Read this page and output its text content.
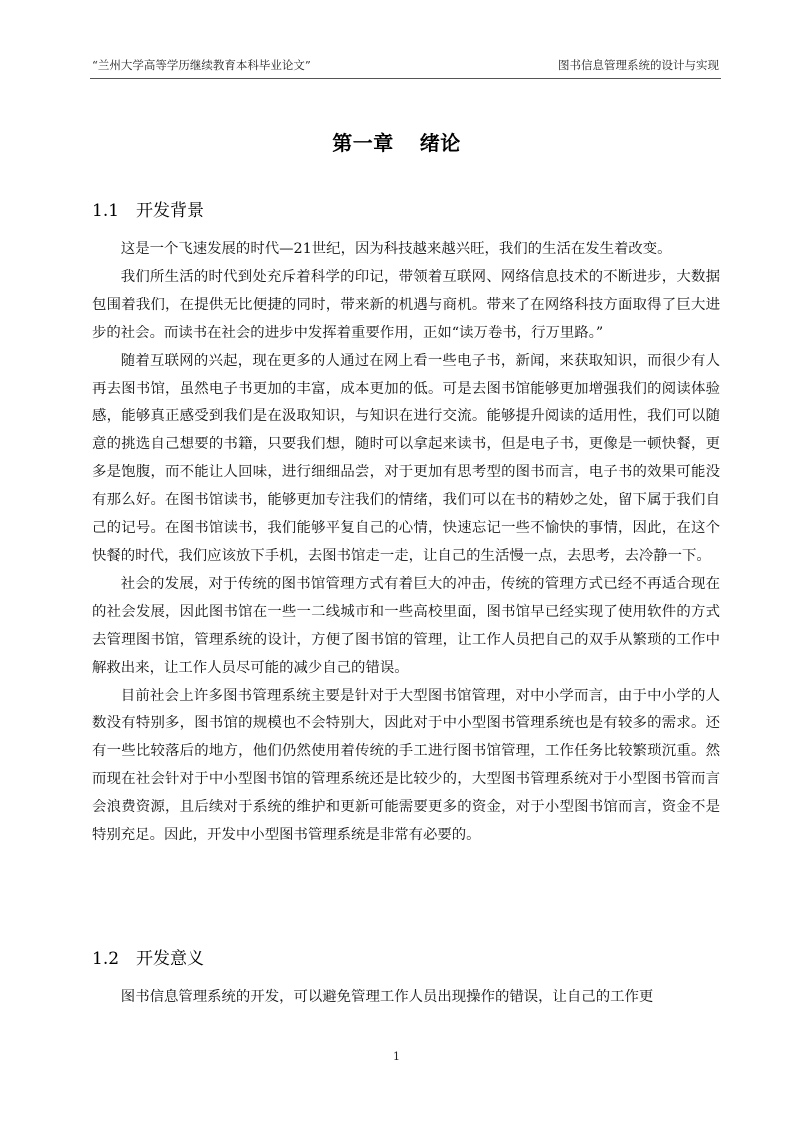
“兰州大学高等学历继续教育本科毕业论文”	图书信息管理系统的设计与实现
第一章 绪论
1.1 开发背景

这是一个飞速发展的时代—21世纪，因为科技越来越兴旺，我们的生活在发生着改变。

我们所生活的时代到处充斥着科学的印记，带领着互联网、网络信息技术的不断进步，大数据包围着我们，在提供无比便捷的同时，带来新的机遇与商机。带来了在网络科技方面取得了巨大进步的社会。而读书在社会的进步中发挥着重要作用，正如“读万卷书，行万里路。”

随着互联网的兴起，现在更多的人通过在网上看一些电子书，新闻，来获取知识，而很少有人再去图书馆，虽然电子书更加的丰富，成本更加的低。可是去图书馆能够更加增强我们的阅读体验感，能够真正感受到我们是在汲取知识，与知识在进行交流。能够提升阅读的适用性，我们可以随意的挑选自己想要的书籍，只要我们想，随时可以拿起来读书，但是电子书，更像是一顿快餐，更多是饱腹，而不能让人回味，进行细细品尝，对于更加有思考型的图书而言，电子书的效果可能没有那么好。在图书馆读书，能够更加专注我们的情绪，我们可以在书的精妙之处，留下属于我们自己的记号。在图书馆读书，我们能够平复自己的心情，快速忘记一些不愉快的事情，因此，在这个快餐的时代，我们应该放下手机，去图书馆走一走，让自己的生活慢一点，去思考，去冷静一下。

社会的发展，对于传统的图书馆管理方式有着巨大的冲击，传统的管理方式已经不再适合现在的社会发展，因此图书馆在一些一二线城市和一些高校里面，图书馆早已经实现了使用软件的方式去管理图书馆，管理系统的设计，方便了图书馆的管理，让工作人员把自己的双手从繁琐的工作中解救出来，让工作人员尽可能的减少自己的错误。

目前社会上许多图书管理系统主要是针对于大型图书馆管理，对中小学而言，由于中小学的人数没有特别多，图书馆的规模也不会特别大，因此对于中小型图书管理系统也是有较多的需求。还有一些比较落后的地方，他们仍然使用着传统的手工进行图书馆管理，工作任务比较繁琐沉重。然而现在社会针对于中小型图书馆的管理系统还是比较少的，大型图书管理系统对于小型图书管而言会浪费资源，且后续对于系统的维护和更新可能需要更多的资金，对于小型图书馆而言，资金不是特别充足。因此，开发中小型图书管理系统是非常有必要的。

1.2 开发意义

图书信息管理系统的开发，可以避免管理工作人员出现操作的错误，让自己的工作更

1
